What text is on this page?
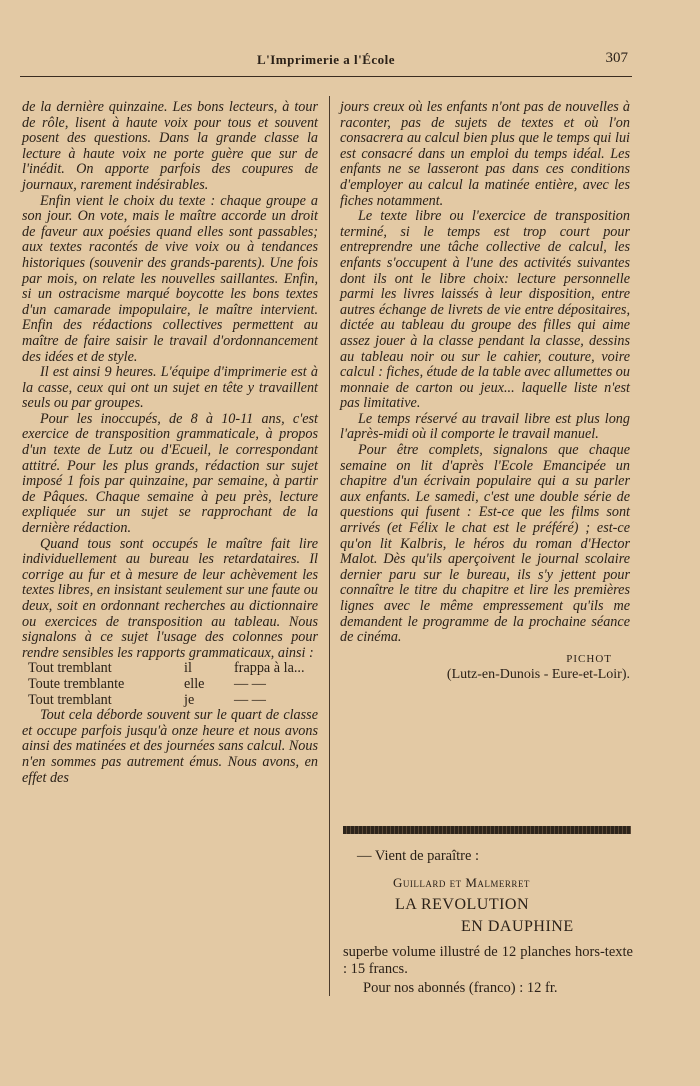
L'Imprimerie a l'École	307

de la dernière quinzaine. Les bons lecteurs, à tour de rôle, lisent à haute voix pour tous et souvent posent des questions. Dans la grande classe la lecture à haute voix ne porte guère que sur de l'inédit. On apporte parfois des coupures de journaux, rarement indésirables.

Enfin vient le choix du texte : chaque groupe a son jour. On vote, mais le maître accorde un droit de faveur aux poésies quand elles sont passables; aux textes racontés de vive voix ou à tendances historiques (souvenir des grands-parents). Une fois par mois, on relate les nouvelles saillantes. Enfin, si un ostracisme marqué boycotte les bons textes d'un camarade impopulaire, le maître intervient. Enfin des rédactions collectives permettent au maître de faire saisir le travail d'ordonnancement des idées et de style.

Il est ainsi 9 heures. L'équipe d'imprimerie est à la casse, ceux qui ont un sujet en tête y travaillent seuls ou par groupes.

Pour les inoccupés, de 8 à 10-11 ans, c'est exercice de transposition grammaticale, à propos d'un texte de Lutz ou d'Ecueil, le correspondant attitré. Pour les plus grands, rédaction sur sujet imposé 1 fois par quinzaine, par semaine, à partir de Pâques. Chaque semaine à peu près, lecture expliquée sur un sujet se rapprochant de la dernière rédaction.

Quand tous sont occupés le maître fait lire individuellement au bureau les retardataires. Il corrige au fur et à mesure de leur achèvement les textes libres, en insistant seulement sur une faute ou deux, soit en ordonnant recherches au dictionnaire ou exercices de transposition au tableau. Nous signalons à ce sujet l'usage des colonnes pour rendre sensibles les rapports grammaticaux, ainsi :

Tout tremblant	il	frappa à la...
Toute tremblante	elle — —
Tout tremblant	je	— —

Tout cela déborde souvent sur le quart de classe et occupe parfois jusqu'à onze heure et nous avons ainsi des matinées et des journées sans calcul. Nous n'en sommes pas autrement émus. Nous avons, en effet des

jours creux où les enfants n'ont pas de nouvelles à raconter, pas de sujets de textes et où l'on consacrera au calcul bien plus que le temps qui lui est consacré dans un emploi du temps idéal. Les enfants ne se lasseront pas dans ces conditions d'employer au calcul la matinée entière, avec les fiches notamment.

Le texte libre ou l'exercice de transposition terminé, si le temps est trop court pour entreprendre une tâche collective de calcul, les enfants s'occupent à l'une des activités suivantes dont ils ont le libre choix: lecture personnelle parmi les livres laissés à leur disposition, entre autres échange de livrets de vie entre dépositaires, dictée au tableau du groupe des filles qui aime assez jouer à la classe pendant la classe, dessins au tableau noir ou sur le cahier, couture, voire calcul : fiches, étude de la table avec allumettes ou monnaie de carton ou jeux... laquelle liste n'est pas limitative.

Le temps réservé au travail libre est plus long l'après-midi où il comporte le travail manuel.

Pour être complets, signalons que chaque semaine on lit d'après l'Ecole Emancipée un chapitre d'un écrivain populaire qui a su parler aux enfants. Le samedi, c'est une double série de questions qui fusent : Est-ce que les films sont arrivés (et Félix le chat est le préféré) ; est-ce qu'on lit Kalbris, le héros du roman d'Hector Malot. Dès qu'ils aperçoivent le journal scolaire dernier paru sur le bureau, ils s'y jettent pour connaître le titre du chapitre et lire les premières lignes avec le même empressement qu'ils me demandent le programme de la prochaine séance de cinéma.

PICHOT
(Lutz-en-Dunois - Eure-et-Loir).
— Vient de paraître :
Guillard et Malmerret
LA REVOLUTION
EN DAUPHINE
superbe volume illustré de 12 planches hors-texte : 15 francs.
Pour nos abonnés (franco) : 12 fr.
